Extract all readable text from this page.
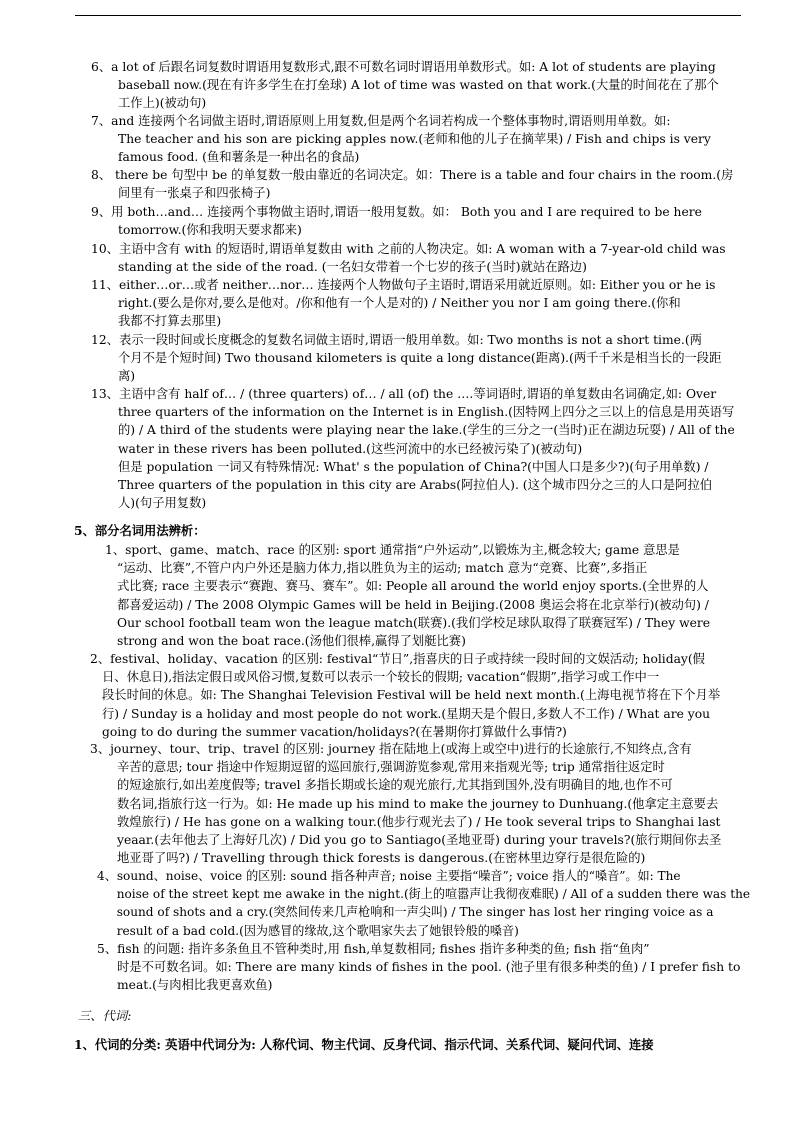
6、a lot of 后跟名词复数时谓语用复数形式,跟不可数名词时谓语用单数形式。如: A lot of students are playing
baseball now.(现在有许多学生在打垒球) A lot of time was wasted on that work.(大量的时间花在了那个
工作上)(被动句)
7、and 连接两个名词做主语时,谓语原则上用复数,但是两个名词若构成一个整体事物时,谓语则用单数。如:
The teacher and his son are picking apples now.(老师和他的儿子在摘苹果) / Fish and chips is very
famous food. (鱼和薯条是一种出名的食品)
8、 there be 句型中 be 的单复数一般由靠近的名词决定。如：There is a table and four chairs in the room.(房
间里有一张桌子和四张椅子)
9、用 both…and… 连接两个事物做主语时,谓语一般用复数。如： Both you and I are required to be here
tomorrow.(你和我明天要求都来)
10、主语中含有 with 的短语时,谓语单复数由 with 之前的人物决定。如: A woman with a 7-year-old child was
standing at the side of the road. (一名妇女带着一个七岁的孩子(当时)就站在路边)
11、either…or…或者 neither…nor… 连接两个人物做句子主语时,谓语采用就近原则。如: Either you or he is
right.(要么是你对,要么是他对。/你和他有一个人是对的) / Neither you nor I am going there.(你和
我都不打算去那里)
12、表示一段时间或长度概念的复数名词做主语时,谓语一般用单数。如: Two months is not a short time.(两
个月不是个短时间) Two thousand kilometers is quite a long distance(距离).(两千千米是相当长的一段距
离)
13、主语中含有 half of… / (three quarters) of… / all (of) the ….等词语时,谓语的单复数由名词确定,如: Over
three quarters of the information on the Internet is in English.(因特网上四分之三以上的信息是用英语写
的) / A third of the students were playing near the lake.(学生的三分之一(当时)正在湖边玩耍) / All of the
water in these rivers has been polluted.(这些河流中的水已经被污染了)(被动句)
但是 population 一词又有特殊情况: What' s the population of China?(中国人口是多少?)(句子用单数) /
Three quarters of the population in this city are Arabs(阿拉伯人). (这个城市四分之三的人口是阿拉伯
人)(句子用复数)
5、部分名词用法辨析：
1、sport、game、match、race 的区别: sport 通常指“户外运动”,以锻炼为主,概念较大; game 意思是
“运动、比赛”,不管户内户外还是脑力体力,指以胜负为主的运动; match 意为“竞赛、比赛”,多指正
式比赛; race 主要表示“赛跑、赛马、赛车”。如: People all around the world enjoy sports.(全世界的人
都喜爱运动) / The 2008 Olympic Games will be held in Beijing.(2008 奥运会将在北京举行)(被动句) /
Our school football team won the league match(联赛).(我们学校足球队取得了联赛冠军) / They were
strong and won the boat race.(汤他们很棒,赢得了划艇比赛)
2、festival、holiday、vacation 的区别: festival“节日”,指喜庆的日子或持续一段时间的文娱活动; holiday(假
日、休息日),指法定假日或风俗习惯,复数可以表示一个较长的假期; vacation“假期”,指学习或工作中一
段长时间的休息。如: The Shanghai Television Festival will be held next month.(上海电视节将在下个月举
行) / Sunday is a holiday and most people do not work.(星期天是个假日,多数人不工作) / What are you
going to do during the summer vacation/holidays?(在暑期你打算做什么事情?)
3、journey、tour、trip、travel 的区别: journey 指在陆地上(或海上或空中)进行的长途旅行,不知终点,含有
辛苦的意思; tour 指途中作短期逗留的巡回旅行,强调游览参观,常用来指观光等; trip 通常指往返定时
的短途旅行,如出差度假等; travel 多指长期或长途的观光旅行,尤其指到国外,没有明确目的地,也作不可
数名词,指旅行这一行为。如: He made up his mind to make the journey to Dunhuang.(他拿定主意要去
敦煌旅行) / He has gone on a walking tour.(他步行观光去了) / He took several trips to Shanghai last
yeaar.(去年他去了上海好几次) / Did you go to Santiago(圣地亚哥) during your travels?(旅行期间你去圣
地亚哥了吗?) / Travelling through thick forests is dangerous.(在密林里边穿行是很危险的)
4、sound、noise、voice 的区别: sound 指各种声音; noise 主要指“噪音”; voice 指人的“嗓音”。如: The
noise of the street kept me awake in the night.(街上的喧嚣声让我彻夜难眠) / All of a sudden there was the
sound of shots and a cry.(突然间传来几声枪响和一声尖叫) / The singer has lost her ringing voice as a
result of a bad cold.(因为感冒的缘故,这个歌唱家失去了她银铃般的嗓音)
5、fish 的问题: 指许多条鱼且不管种类时,用 fish,单复数相同; fishes 指许多种类的鱼; fish 指“鱼肉”
时是不可数名词。如: There are many kinds of fishes in the pool. (池子里有很多种类的鱼) / I prefer fish to
meat.(与肉相比我更喜欢鱼)
三、代词:
1、代词的分类: 英语中代词分为: 人称代词、物主代词、反身代词、指示代词、关系代词、疑问代词、连接
